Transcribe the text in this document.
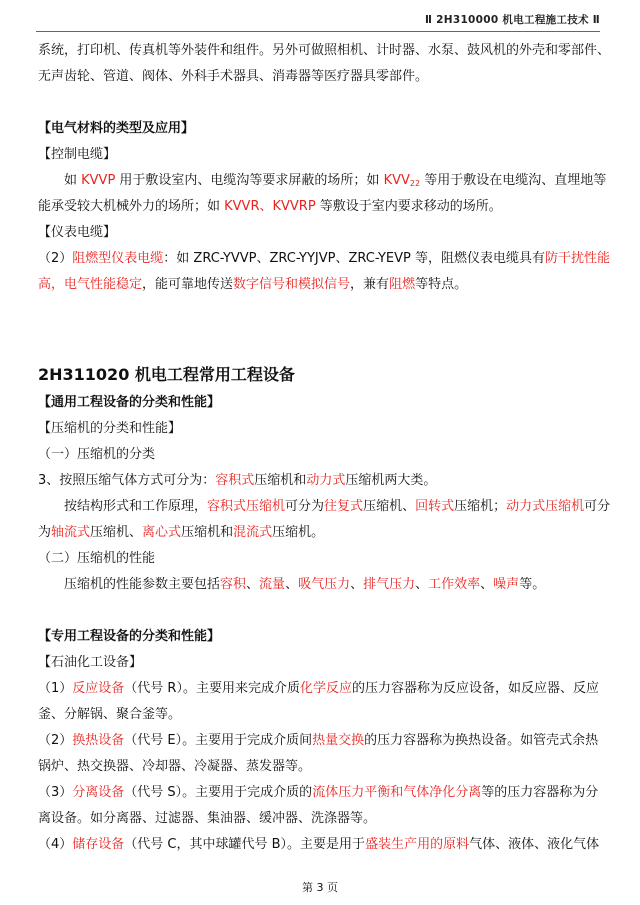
Ⅱ 2H310000 机电工程施工技术 Ⅱ

系统，打印机、传真机等外装件和组件。另外可做照相机、计时器、水泵、鼓风机的外壳和零部件、

无声齿轮、管道、阀体、外科手术器具、消毒器等医疗器具零部件。

【电气材料的类型及应用】

【控制电缆】

如 KVVP 用于敷设室内、电缆沟等要求屏蔽的场所；如 $KVV_{22}$ 等用于敷设在电缆沟、直埋地等

能承受较大机械外力的场所；如 KVVR、KVVRP 等敷设于室内要求移动的场所。

【仪表电缆】

（2）阻燃型仪表电缆：如 ZRC-YVVP、ZRC-YYJVP、ZRC-YEVP 等，阻燃仪表电缆具有防干扰性能

高，电气性能稳定，能可靠地传送数字信号和模拟信号，兼有阻燃等特点。

2H311020 机电工程常用工程设备

【通用工程设备的分类和性能】

【压缩机的分类和性能】

（一）压缩机的分类

3、按照压缩气体方式可分为：容积式压缩机和动力式压缩机两大类。

按结构形式和工作原理，容积式压缩机可分为往复式压缩机、回转式压缩机；动力式压缩机可分

为轴流式压缩机、离心式压缩机和混流式压缩机。

（二）压缩机的性能

压缩机的性能参数主要包括容积、流量、吸气压力、排气压力、工作效率、噪声等。

【专用工程设备的分类和性能】

【石油化工设备】

（1）反应设备（代号 R）。主要用来完成介质化学反应的压力容器称为反应设备，如反应器、反应

釜、分解锅、聚合釜等。

（2）换热设备（代号 E）。主要用于完成介质间热量交换的压力容器称为换热设备。如管壳式余热

锅炉、热交换器、冷却器、冷凝器、蒸发器等。

（3）分离设备（代号 S）。主要用于完成介质的流体压力平衡和气体净化分离等的压力容器称为分

离设备。如分离器、过滤器、集油器、缓冲器、洗涤器等。

（4）储存设备（代号 C，其中球罐代号 B）。主要是用于盛装生产用的原料气体、液体、液化气体

第 3 页
